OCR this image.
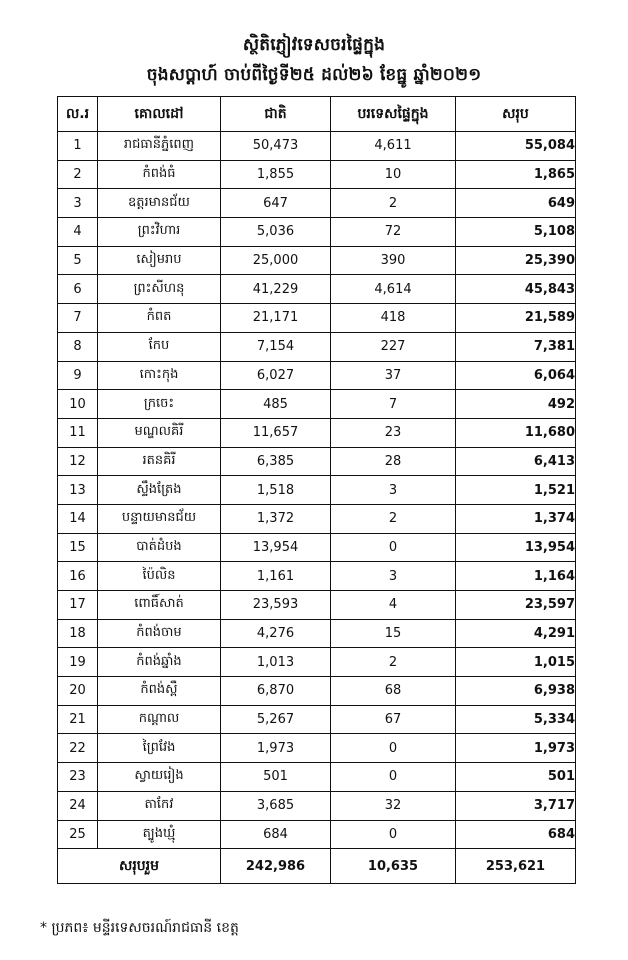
ស្ថិតិភ្ញៀវទេសចរផ្ទៃក្នុង
ចុងសប្តាហ៍ ចាប់ពីថ្ងៃទី២៥ ដល់២៦ ខែធ្នូ ឆ្នាំ២០២១
ល.រ	គោលដៅ	ជាតិ	បរទេសផ្ទៃក្នុង	សរុប
1	រាជធានីភ្នំពេញ	50,473	4,611	55,084
2	កំពង់ធំ	1,855	10	1,865
3	ឧត្តរមានជ័យ	647	2	649
4	ព្រះវិហារ	5,036	72	5,108
5	សៀមរាប	25,000	390	25,390
6	ព្រះសីហនុ	41,229	4,614	45,843
7	កំពត	21,171	418	21,589
8	កែប	7,154	227	7,381
9	កោះកុង	6,027	37	6,064
10	ក្រចេះ	485	7	492
11	មណ្ឌលគិរី	11,657	23	11,680
12	រតនគិរី	6,385	28	6,413
13	ស្ទឹងត្រែង	1,518	3	1,521
14	បន្ទាយមានជ័យ	1,372	2	1,374
15	បាត់ដំបង	13,954	0	13,954
16	ប៉ៃលិន	1,161	3	1,164
17	ពោធិ៍សាត់	23,593	4	23,597
18	កំពង់ចាម	4,276	15	4,291
19	កំពង់ឆ្នាំង	1,013	2	1,015
20	កំពង់ស្ពឺ	6,870	68	6,938
21	កណ្តាល	5,267	67	5,334
22	ព្រៃវែង	1,973	0	1,973
23	ស្វាយរៀង	501	0	501
24	តាកែវ	3,685	32	3,717
25	ត្បូងឃ្មុំ	684	0	684
សរុបរួម		242,986	10,635	253,621
* ប្រភព៖ មន្ទីរទេសចរណ៍រាជធានី ខេត្ត
